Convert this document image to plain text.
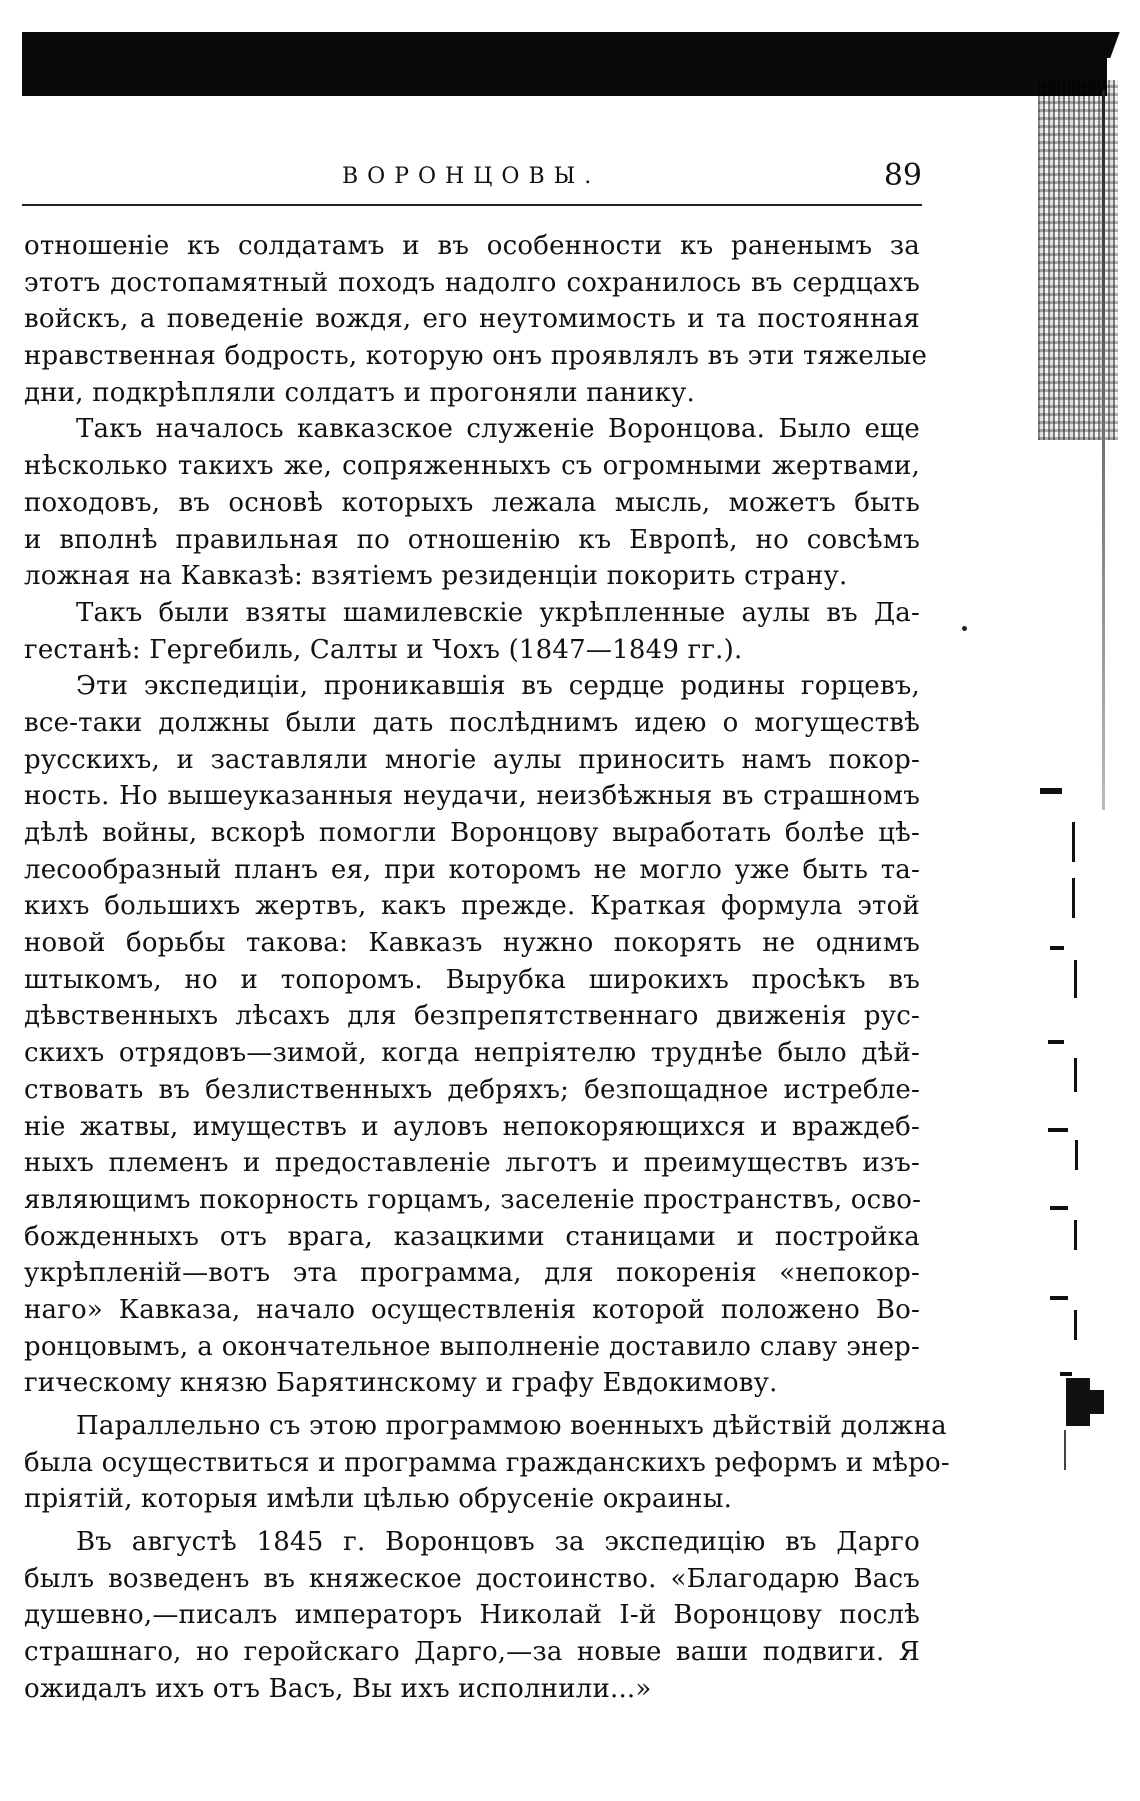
ВОРОНЦОВЫ.	89
отношеніе къ солдатамъ и въ особенности къ раненымъ за
этотъ достопамятный походъ надолго сохранилось въ сердцахъ
войскъ, а поведеніе вождя, его неутомимость и та постоянная
нравственная бодрость, которую онъ проявлялъ въ эти тяжелые
дни, подкрѣпляли солдатъ и прогоняли панику.
Такъ началось кавказское служеніе Воронцова. Было еще
нѣсколько такихъ же, сопряженныхъ съ огромными жертвами,
походовъ, въ основѣ которыхъ лежала мысль, можетъ быть
и вполнѣ правильная по отношенію къ Европѣ, но совсѣмъ
ложная на Кавказѣ: взятіемъ резиденціи покорить страну.
Такъ были взяты шамилевскіе укрѣпленные аулы въ Да-
гестанѣ: Гергебиль, Салты и Чохъ (1847—1849 гг.).
Эти экспедиціи, проникавшія въ сердце родины горцевъ,
все-таки должны были дать послѣднимъ идею о могуществѣ
русскихъ, и заставляли многіе аулы приносить намъ покор-
ность. Но вышеуказанныя неудачи, неизбѣжныя въ страшномъ
дѣлѣ войны, вскорѣ помогли Воронцову выработать болѣе цѣ-
лесообразный планъ ея, при которомъ не могло уже быть та-
кихъ большихъ жертвъ, какъ прежде. Краткая формула этой
новой борьбы такова: Кавказъ нужно покорять не однимъ
штыкомъ, но и топоромъ. Вырубка широкихъ просѣкъ въ
дѣвственныхъ лѣсахъ для безпрепятственнаго движенія рус-
скихъ отрядовъ—зимой, когда непріятелю труднѣе было дѣй-
ствовать въ безлиственныхъ дебряхъ; безпощадное истребле-
ніе жатвы, имуществъ и ауловъ непокоряющихся и враждеб-
ныхъ племенъ и предоставленіе льготъ и преимуществъ изъ-
являющимъ покорность горцамъ, заселеніе пространствъ, осво-
божденныхъ отъ врага, казацкими станицами и постройка
укрѣпленій—вотъ эта программа, для покоренія «непокор-
наго» Кавказа, начало осуществленія которой положено Во-
ронцовымъ, а окончательное выполненіе доставило славу энер-
гическому князю Барятинскому и графу Евдокимову.
Параллельно съ этою программою военныхъ дѣйствій должна
была осуществиться и программа гражданскихъ реформъ и мѣро-
пріятій, которыя имѣли цѣлью обрусеніе окраины.
Въ августѣ 1845 г. Воронцовъ за экспедицію въ Дарго
былъ возведенъ въ княжеское достоинство. «Благодарю Васъ
душевно,—писалъ императоръ Николай I-й Воронцову послѣ
страшнаго, но геройскаго Дарго,—за новые ваши подвиги. Я
ожидалъ ихъ отъ Васъ, Вы ихъ исполнили...»
